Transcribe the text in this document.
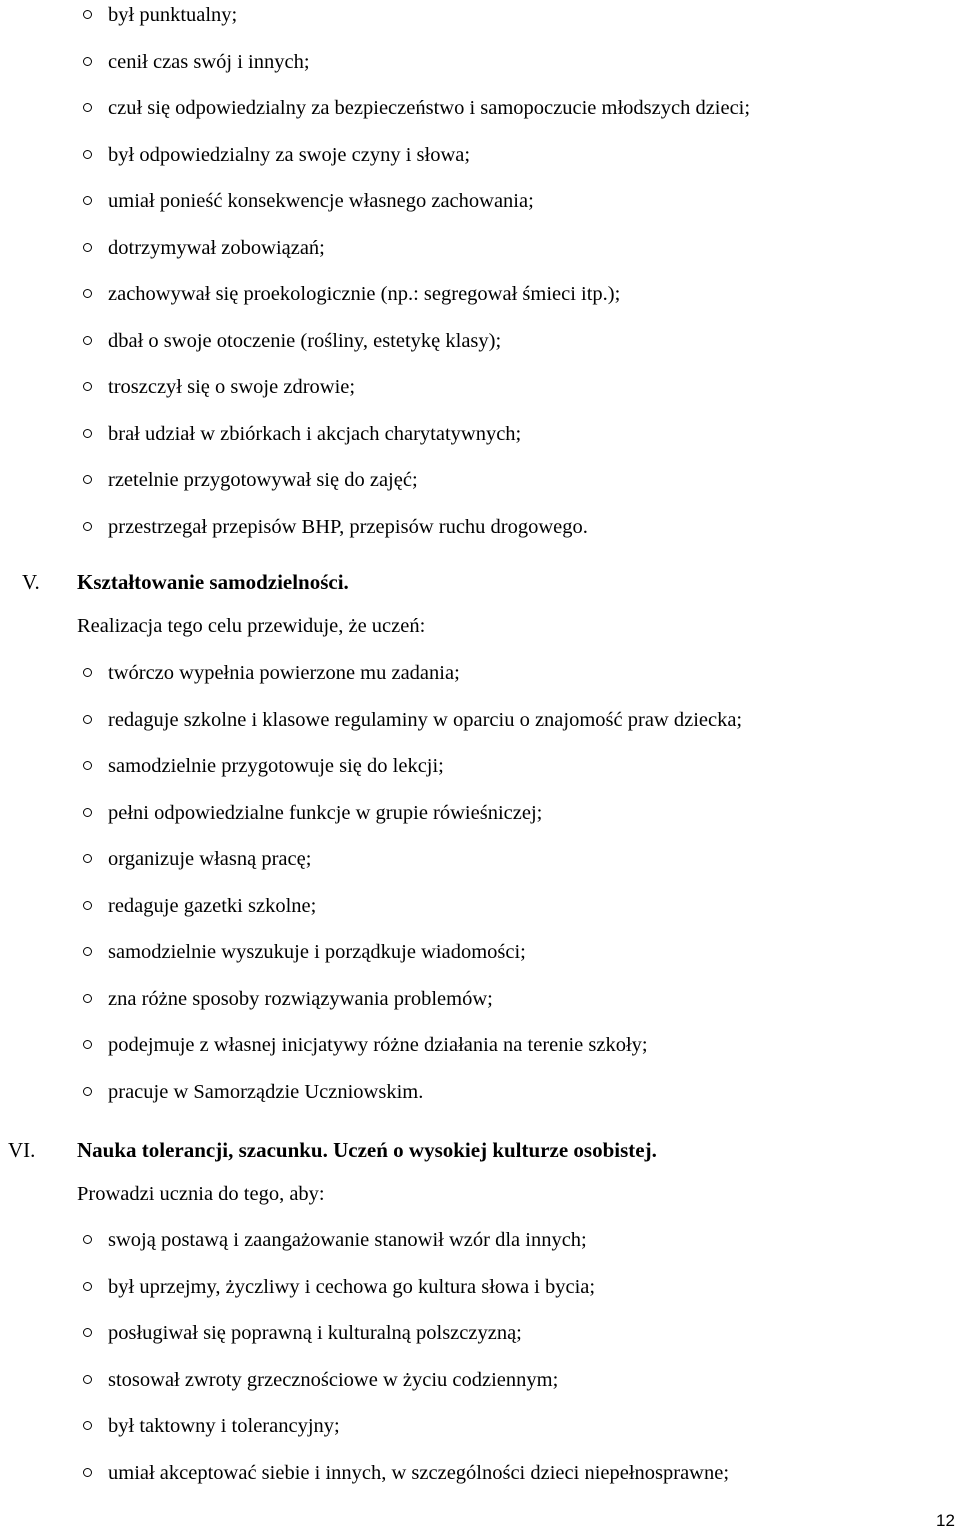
był punktualny;
cenił czas swój i innych;
czuł się odpowiedzialny za bezpieczeństwo i samopoczucie młodszych dzieci;
był odpowiedzialny za swoje czyny i słowa;
umiał ponieść konsekwencje własnego zachowania;
dotrzymywał zobowiązań;
zachowywał się proekologicznie (np.: segregował śmieci itp.);
dbał o swoje otoczenie (rośliny, estetykę klasy);
troszczył się o swoje zdrowie;
brał udział w zbiórkach i akcjach charytatywnych;
rzetelnie przygotowywał się do zajęć;
przestrzegał przepisów BHP, przepisów ruchu drogowego.
V. Kształtowanie samodzielności.
Realizacja tego celu przewiduje, że uczeń:
twórczo wypełnia powierzone mu zadania;
redaguje szkolne i klasowe regulaminy w oparciu o znajomość praw dziecka;
samodzielnie przygotowuje się do lekcji;
pełni odpowiedzialne funkcje w grupie rówieśniczej;
organizuje własną pracę;
redaguje gazetki szkolne;
samodzielnie wyszukuje i porządkuje wiadomości;
zna różne sposoby rozwiązywania problemów;
podejmuje z własnej inicjatywy różne działania na terenie szkoły;
pracuje w Samorządzie Uczniowskim.
VI. Nauka tolerancji, szacunku. Uczeń o wysokiej kulturze osobistej.
Prowadzi ucznia do tego, aby:
swoją postawą i zaangażowanie stanowił wzór dla innych;
był uprzejmy, życzliwy i cechowa go kultura słowa i bycia;
posługiwał się poprawną i kulturalną polszczyzną;
stosował zwroty grzecznościowe w życiu codziennym;
był taktowny i tolerancyjny;
umiał akceptować siebie i innych, w szczególności dzieci niepełnosprawne;
12
